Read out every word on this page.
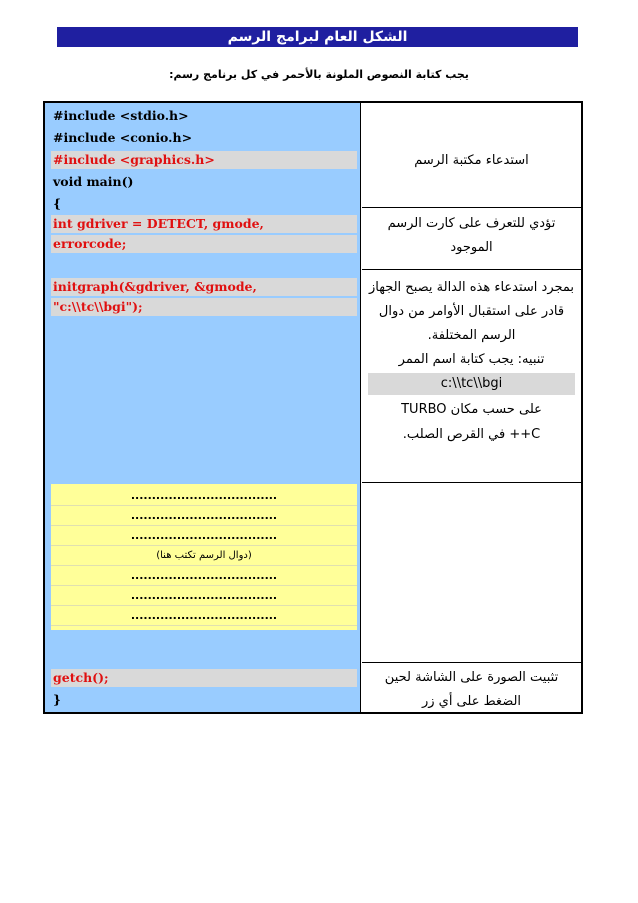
الشكل العام لبرامج الرسم
يجب كتابة النصوص الملونة بالأحمر في كل برنامج رسم:
#include <stdio.h>
#include <conio.h>
#include <graphics.h>
void main()
{
int gdriver = DETECT, gmode,
errorcode;
initgraph(&gdriver, &gmode,
"c:\\tc\\bgi");
...................................
...................................
...................................
(دوال الرسم تكتب هنا)
...................................
...................................
...................................
getch();
}
استدعاء مكتبة الرسم
تؤدي للتعرف على كارت الرسم الموجود
بمجرد استدعاء هذه الدالة يصبح الجهاز قادر على استقبال الأوامر من دوال الرسم المختلفة.
تنبيه: يجب كتابة اسم الممر
c:\\tc\\bgi
على حسب مكان TURBO
C++ في القرص الصلب.
تثبيت الصورة على الشاشة لحين الضغط على أي زر
